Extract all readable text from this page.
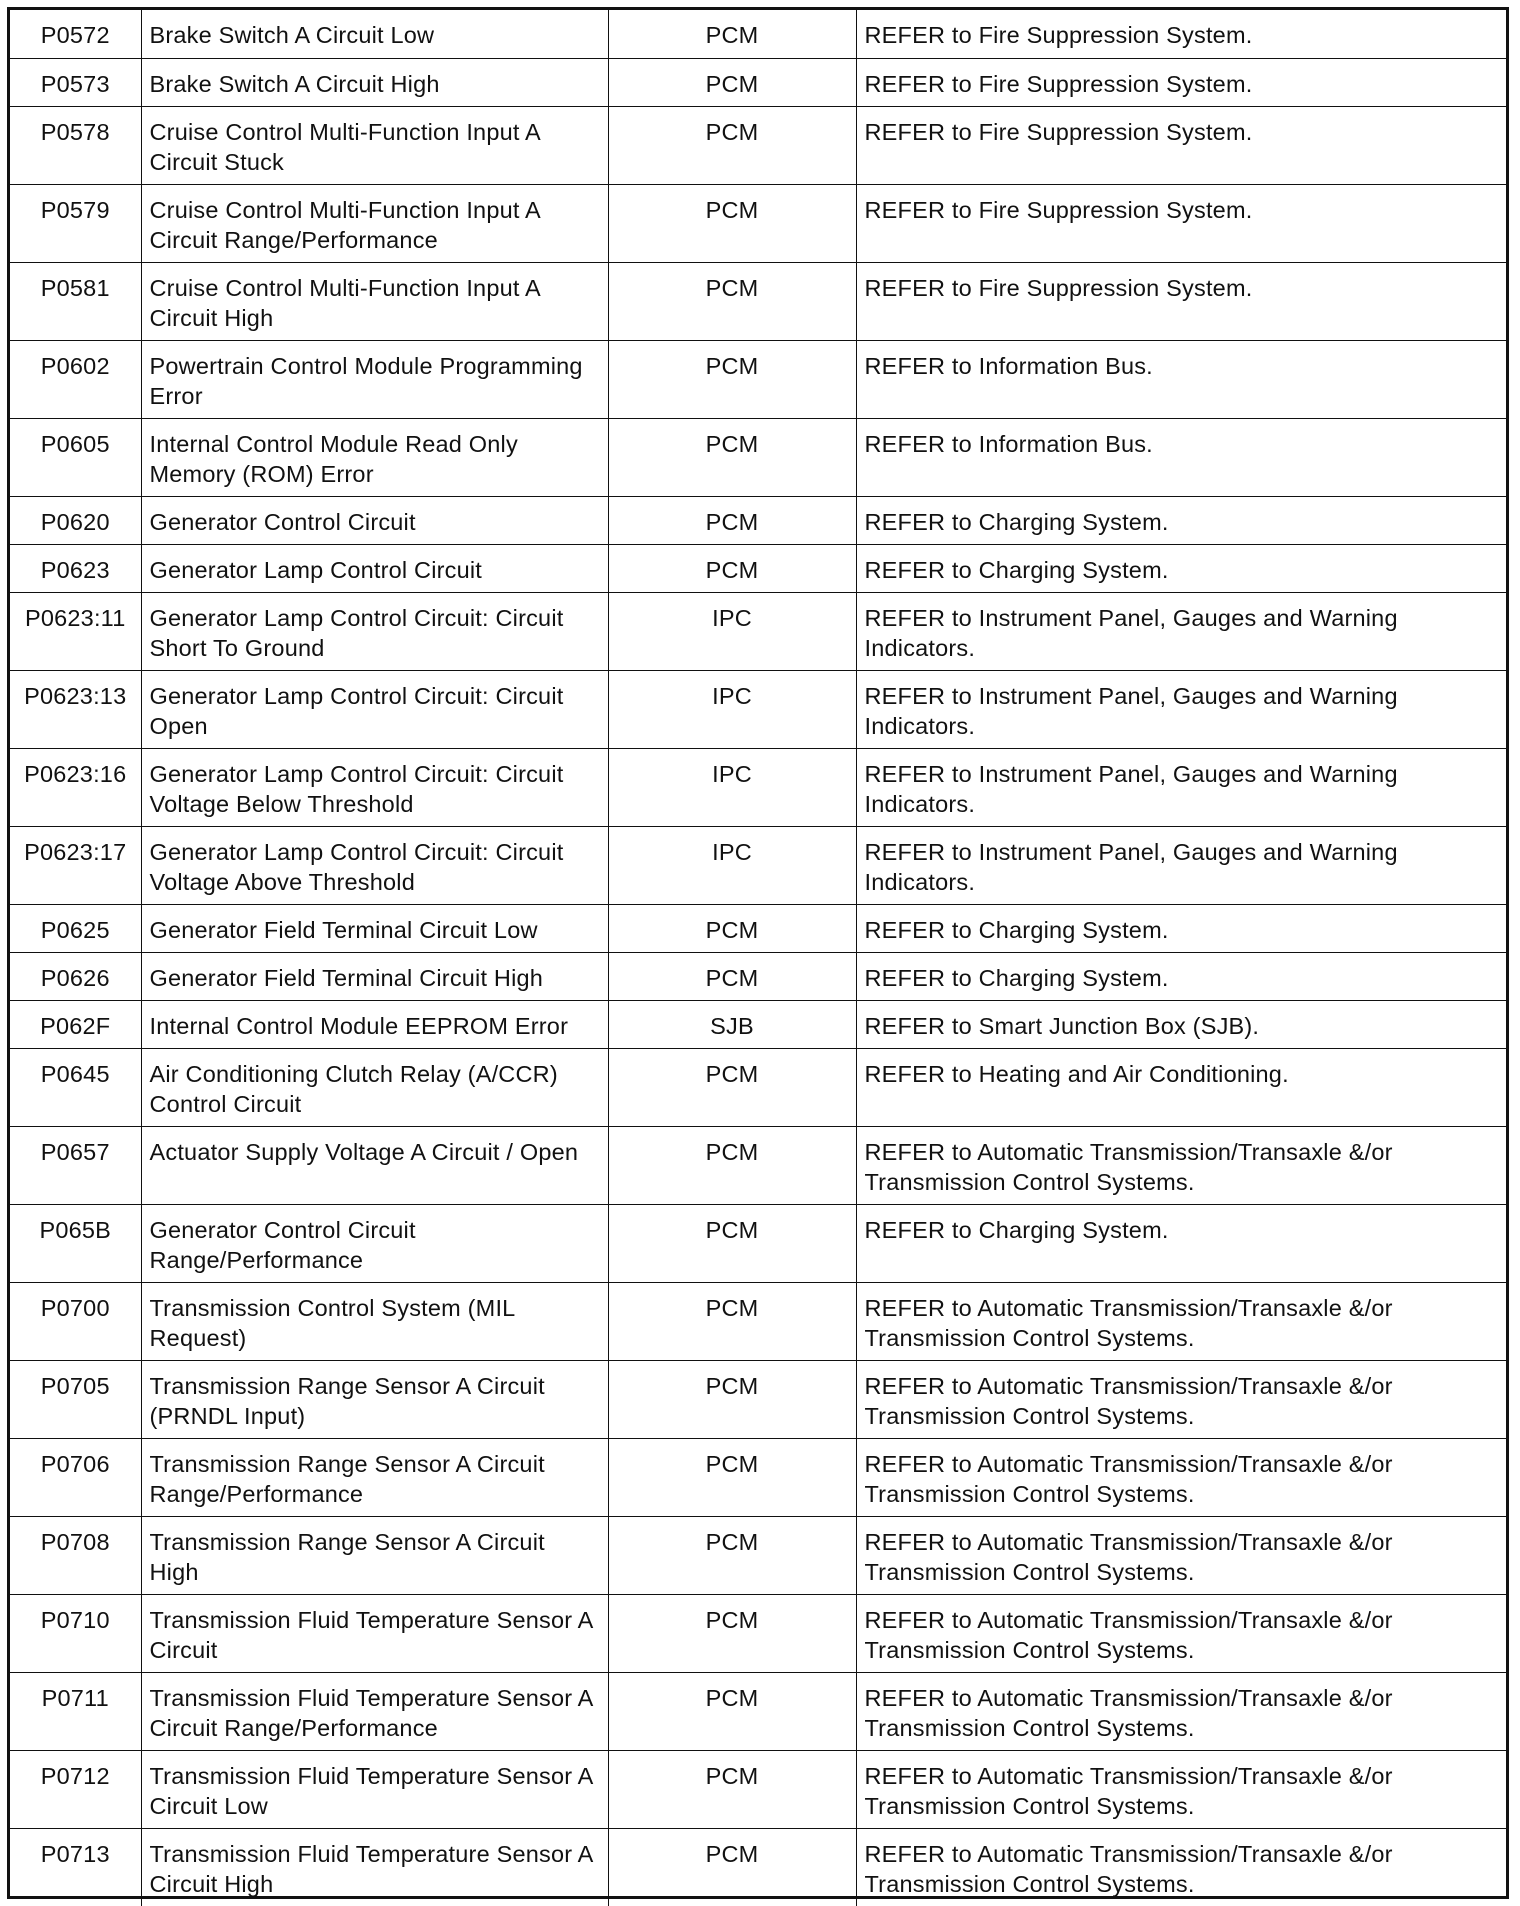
P0572	Brake Switch A Circuit Low	PCM	REFER to Fire Suppression System.
P0573	Brake Switch A Circuit High	PCM	REFER to Fire Suppression System.
P0578	Cruise Control Multi-Function Input A Circuit Stuck	PCM	REFER to Fire Suppression System.
P0579	Cruise Control Multi-Function Input A Circuit Range/Performance	PCM	REFER to Fire Suppression System.
P0581	Cruise Control Multi-Function Input A Circuit High	PCM	REFER to Fire Suppression System.
P0602	Powertrain Control Module Programming Error	PCM	REFER to Information Bus.
P0605	Internal Control Module Read Only Memory (ROM) Error	PCM	REFER to Information Bus.
P0620	Generator Control Circuit	PCM	REFER to Charging System.
P0623	Generator Lamp Control Circuit	PCM	REFER to Charging System.
P0623:11	Generator Lamp Control Circuit: Circuit Short To Ground	IPC	REFER to Instrument Panel, Gauges and Warning Indicators.
P0623:13	Generator Lamp Control Circuit: Circuit Open	IPC	REFER to Instrument Panel, Gauges and Warning Indicators.
P0623:16	Generator Lamp Control Circuit: Circuit Voltage Below Threshold	IPC	REFER to Instrument Panel, Gauges and Warning Indicators.
P0623:17	Generator Lamp Control Circuit: Circuit Voltage Above Threshold	IPC	REFER to Instrument Panel, Gauges and Warning Indicators.
P0625	Generator Field Terminal Circuit Low	PCM	REFER to Charging System.
P0626	Generator Field Terminal Circuit High	PCM	REFER to Charging System.
P062F	Internal Control Module EEPROM Error	SJB	REFER to Smart Junction Box (SJB).
P0645	Air Conditioning Clutch Relay (A/CCR) Control Circuit	PCM	REFER to Heating and Air Conditioning.
P0657	Actuator Supply Voltage A Circuit / Open	PCM	REFER to Automatic Transmission/Transaxle &/or Transmission Control Systems.
P065B	Generator Control Circuit Range/Performance	PCM	REFER to Charging System.
P0700	Transmission Control System (MIL Request)	PCM	REFER to Automatic Transmission/Transaxle &/or Transmission Control Systems.
P0705	Transmission Range Sensor A Circuit (PRNDL Input)	PCM	REFER to Automatic Transmission/Transaxle &/or Transmission Control Systems.
P0706	Transmission Range Sensor A Circuit Range/Performance	PCM	REFER to Automatic Transmission/Transaxle &/or Transmission Control Systems.
P0708	Transmission Range Sensor A Circuit High	PCM	REFER to Automatic Transmission/Transaxle &/or Transmission Control Systems.
P0710	Transmission Fluid Temperature Sensor A Circuit	PCM	REFER to Automatic Transmission/Transaxle &/or Transmission Control Systems.
P0711	Transmission Fluid Temperature Sensor A Circuit Range/Performance	PCM	REFER to Automatic Transmission/Transaxle &/or Transmission Control Systems.
P0712	Transmission Fluid Temperature Sensor A Circuit Low	PCM	REFER to Automatic Transmission/Transaxle &/or Transmission Control Systems.
P0713	Transmission Fluid Temperature Sensor A Circuit High	PCM	REFER to Automatic Transmission/Transaxle &/or Transmission Control Systems.
